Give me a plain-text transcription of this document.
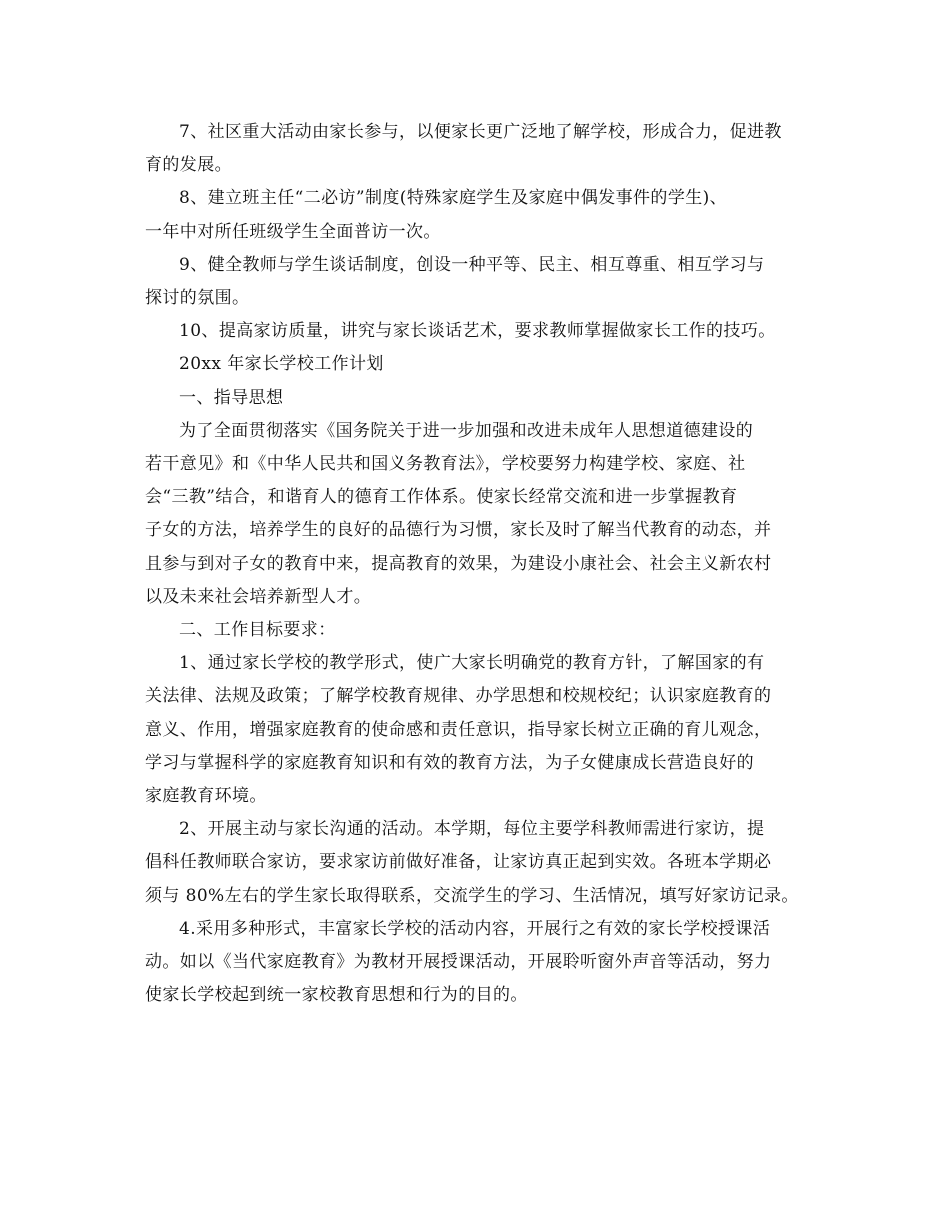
7、社区重大活动由家长参与，以便家长更广泛地了解学校，形成合力，促进教
育的发展。

8、建立班主任“二必访”制度(特殊家庭学生及家庭中偶发事件的学生)、
一年中对所任班级学生全面普访一次。

9、健全教师与学生谈话制度，创设一种平等、民主、相互尊重、相互学习与
探讨的氛围。

10、提高家访质量，讲究与家长谈话艺术，要求教师掌握做家长工作的技巧。

20xx 年家长学校工作计划

一、指导思想

为了全面贯彻落实《国务院关于进一步加强和改进未成年人思想道德建设的
若干意见》和《中华人民共和国义务教育法》，学校要努力构建学校、家庭、社
会“三教”结合，和谐育人的德育工作体系。使家长经常交流和进一步掌握教育
子女的方法，培养学生的良好的品德行为习惯，家长及时了解当代教育的动态，并
且参与到对子女的教育中来，提高教育的效果，为建设小康社会、社会主义新农村
以及未来社会培养新型人才。

二、工作目标要求：

1、通过家长学校的教学形式，使广大家长明确党的教育方针，了解国家的有
关法律、法规及政策；了解学校教育规律、办学思想和校规校纪；认识家庭教育的
意义、作用，增强家庭教育的使命感和责任意识，指导家长树立正确的育儿观念，
学习与掌握科学的家庭教育知识和有效的教育方法，为子女健康成长营造良好的
家庭教育环境。

2、开展主动与家长沟通的活动。本学期，每位主要学科教师需进行家访，提
倡科任教师联合家访，要求家访前做好准备，让家访真正起到实效。各班本学期必
须与 80%左右的学生家长取得联系，交流学生的学习、生活情况，填写好家访记录。

4.采用多种形式，丰富家长学校的活动内容，开展行之有效的家长学校授课活
动。如以《当代家庭教育》为教材开展授课活动，开展聆听窗外声音等活动，努力
使家长学校起到统一家校教育思想和行为的目的。
